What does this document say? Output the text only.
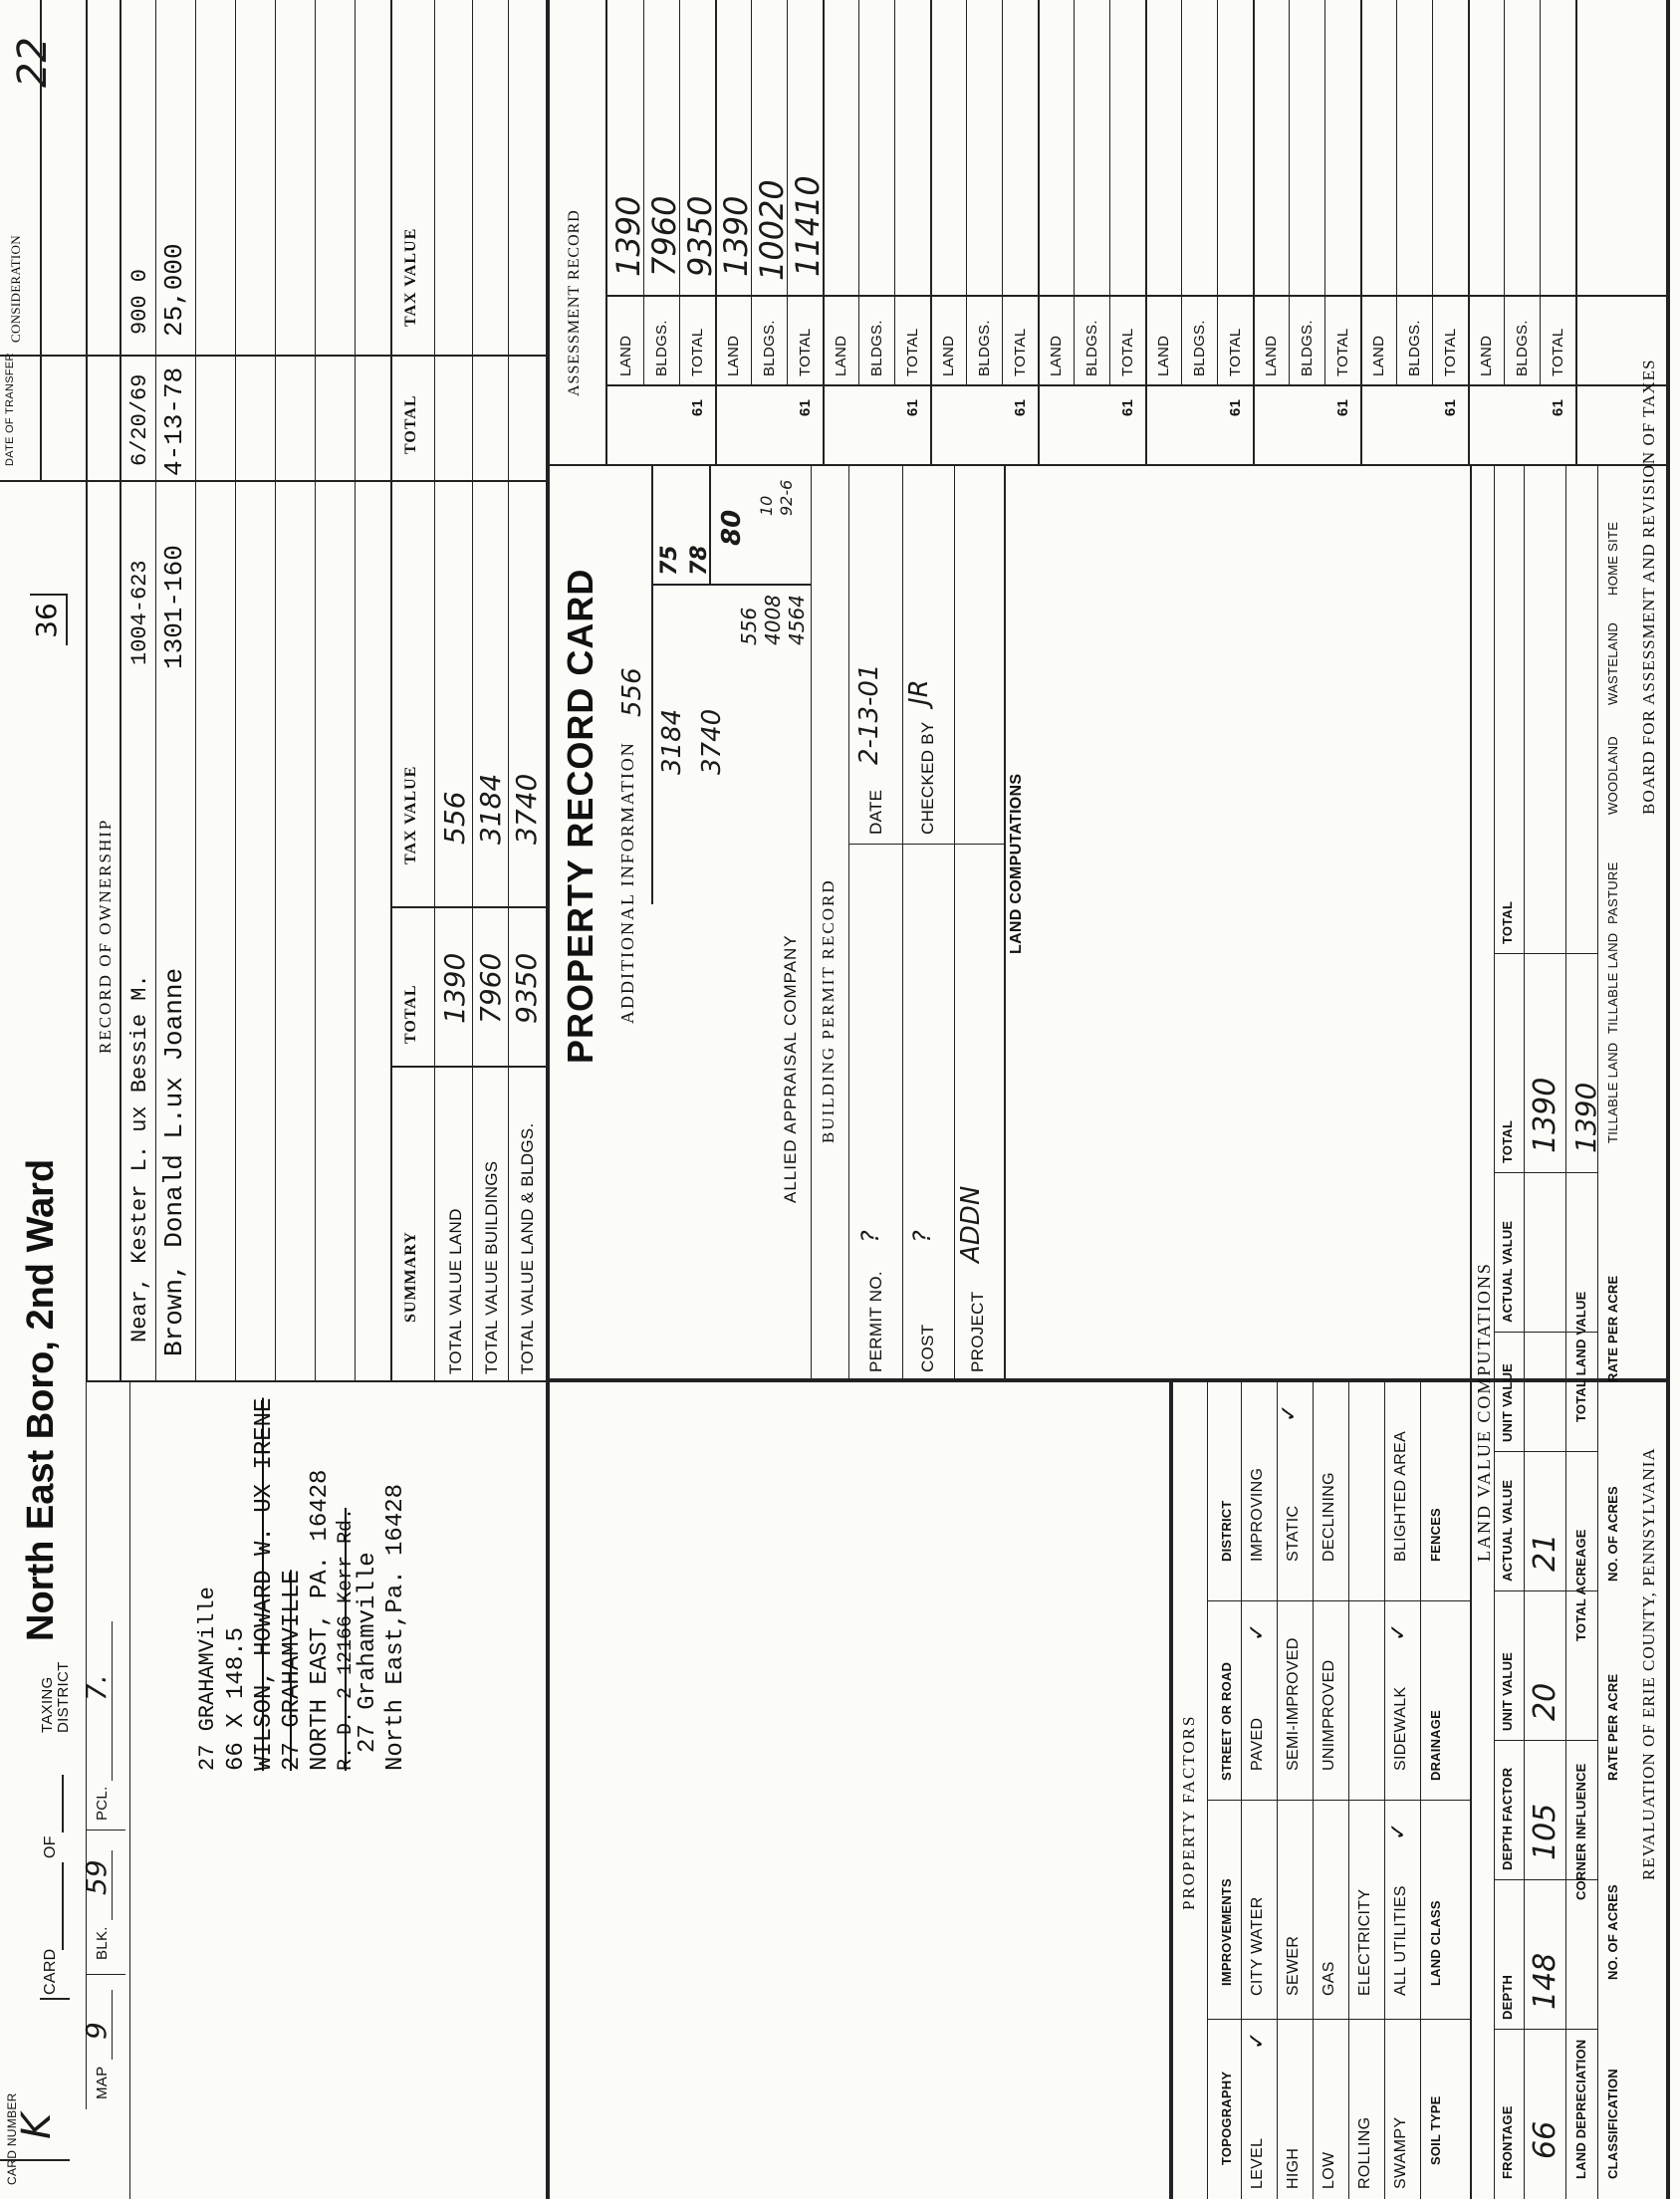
CARD NUMBER
K
CARD
OF
TAXING DISTRICT
North East Boro, 2nd Ward
36
22
MAP
9
BLK.
59
PCL.
7.	27 GRAHAMVille 66 X 148.5 WILSON, HOWARD W. UX IRENE 27 GRAHAMVILLE NORTH EAST, PA. 16428 R. D. 2 12166 Kerr Rd.
27 Grahamville North East,Pa. 16428
RECORD OF OWNERSHIP
DATE OF TRANSFER
CONSIDERATION
Near, Kester L. ux Bessie M.
1004-623
6/20/69
900 0
Brown, Donald L.ux Joanne
1301-160
4-13-78
25,000
SUMMARY
TOTAL
TAX VALUE
TOTAL
TAX VALUE
TOTAL VALUE LAND
1390
556
TOTAL VALUE BUILDINGS
7960
3184
TOTAL VALUE LAND & BLDGS.
9350
3740 PROPERTY RECORD CARD ADDITIONAL INFORMATION
556
3184 3740
556 4008 4564
ALLIED APPRAISAL COMPANY
75 78
80
10 92-6
BUILDING PERMIT RECORD
PERMIT NO.
?
DATE
2-13-01
COST
?
CHECKED BY
JR
PROJECT
ADDN
ASSESSMENT RECORD LAND
1390
BLDGS.
7960
TOTAL
9350
61
LAND
1390
BLDGS.
10020
TOTAL
11410
61
PROPERTY FACTORS
TOPOGRAPHY
IMPROVEMENTS
STREET OR ROAD
DISTRICT	LAND VALUE COMPUTATIONS
LAND COMPUTATIONS
REVALUATION OF ERIE COUNTY, PENNSYLVANIA
BOARD FOR ASSESSMENT AND REVISION OF TAXES
LAND BLDGS. TOTAL
61
LAND BLDGS. TOTAL
61
LAND BLDGS. TOTAL
61
LAND BLDGS. TOTAL
61
LAND BLDGS. TOTAL
61
LAND BLDGS. TOTAL
61
LAND BLDGS. TOTAL
61
LEVEL
CITY WATER
PAVED
IMPROVING
HIGH
SEWER
SEMI-IMPROVED
STATIC
LOW
GAS
UNIMPROVED
DECLINING
ROLLING
ELECTRICITY
SWAMPY
ALL UTILITIES
SIDEWALK
BLIGHTED AREA
✓
✓
✓
✓
✓
SOIL TYPE
LAND CLASS
DRAINAGE
FENCES
FRONTAGE
DEPTH
DEPTH FACTOR
UNIT VALUE
ACTUAL VALUE
UNIT VALUE
ACTUAL VALUE
TOTAL
TOTAL
66
148
105
20
21
1390
LAND DEPRECIATION
CORNER INFLUENCE
TOTAL ACREAGE
TOTAL LAND VALUE
1390
CLASSIFICATION
NO. OF ACRES
RATE PER ACRE
NO. OF ACRES
RATE PER ACRE
TILLABLE LAND
TILLABLE LAND
PASTURE
WOODLAND
WASTELAND
HOME SITE
